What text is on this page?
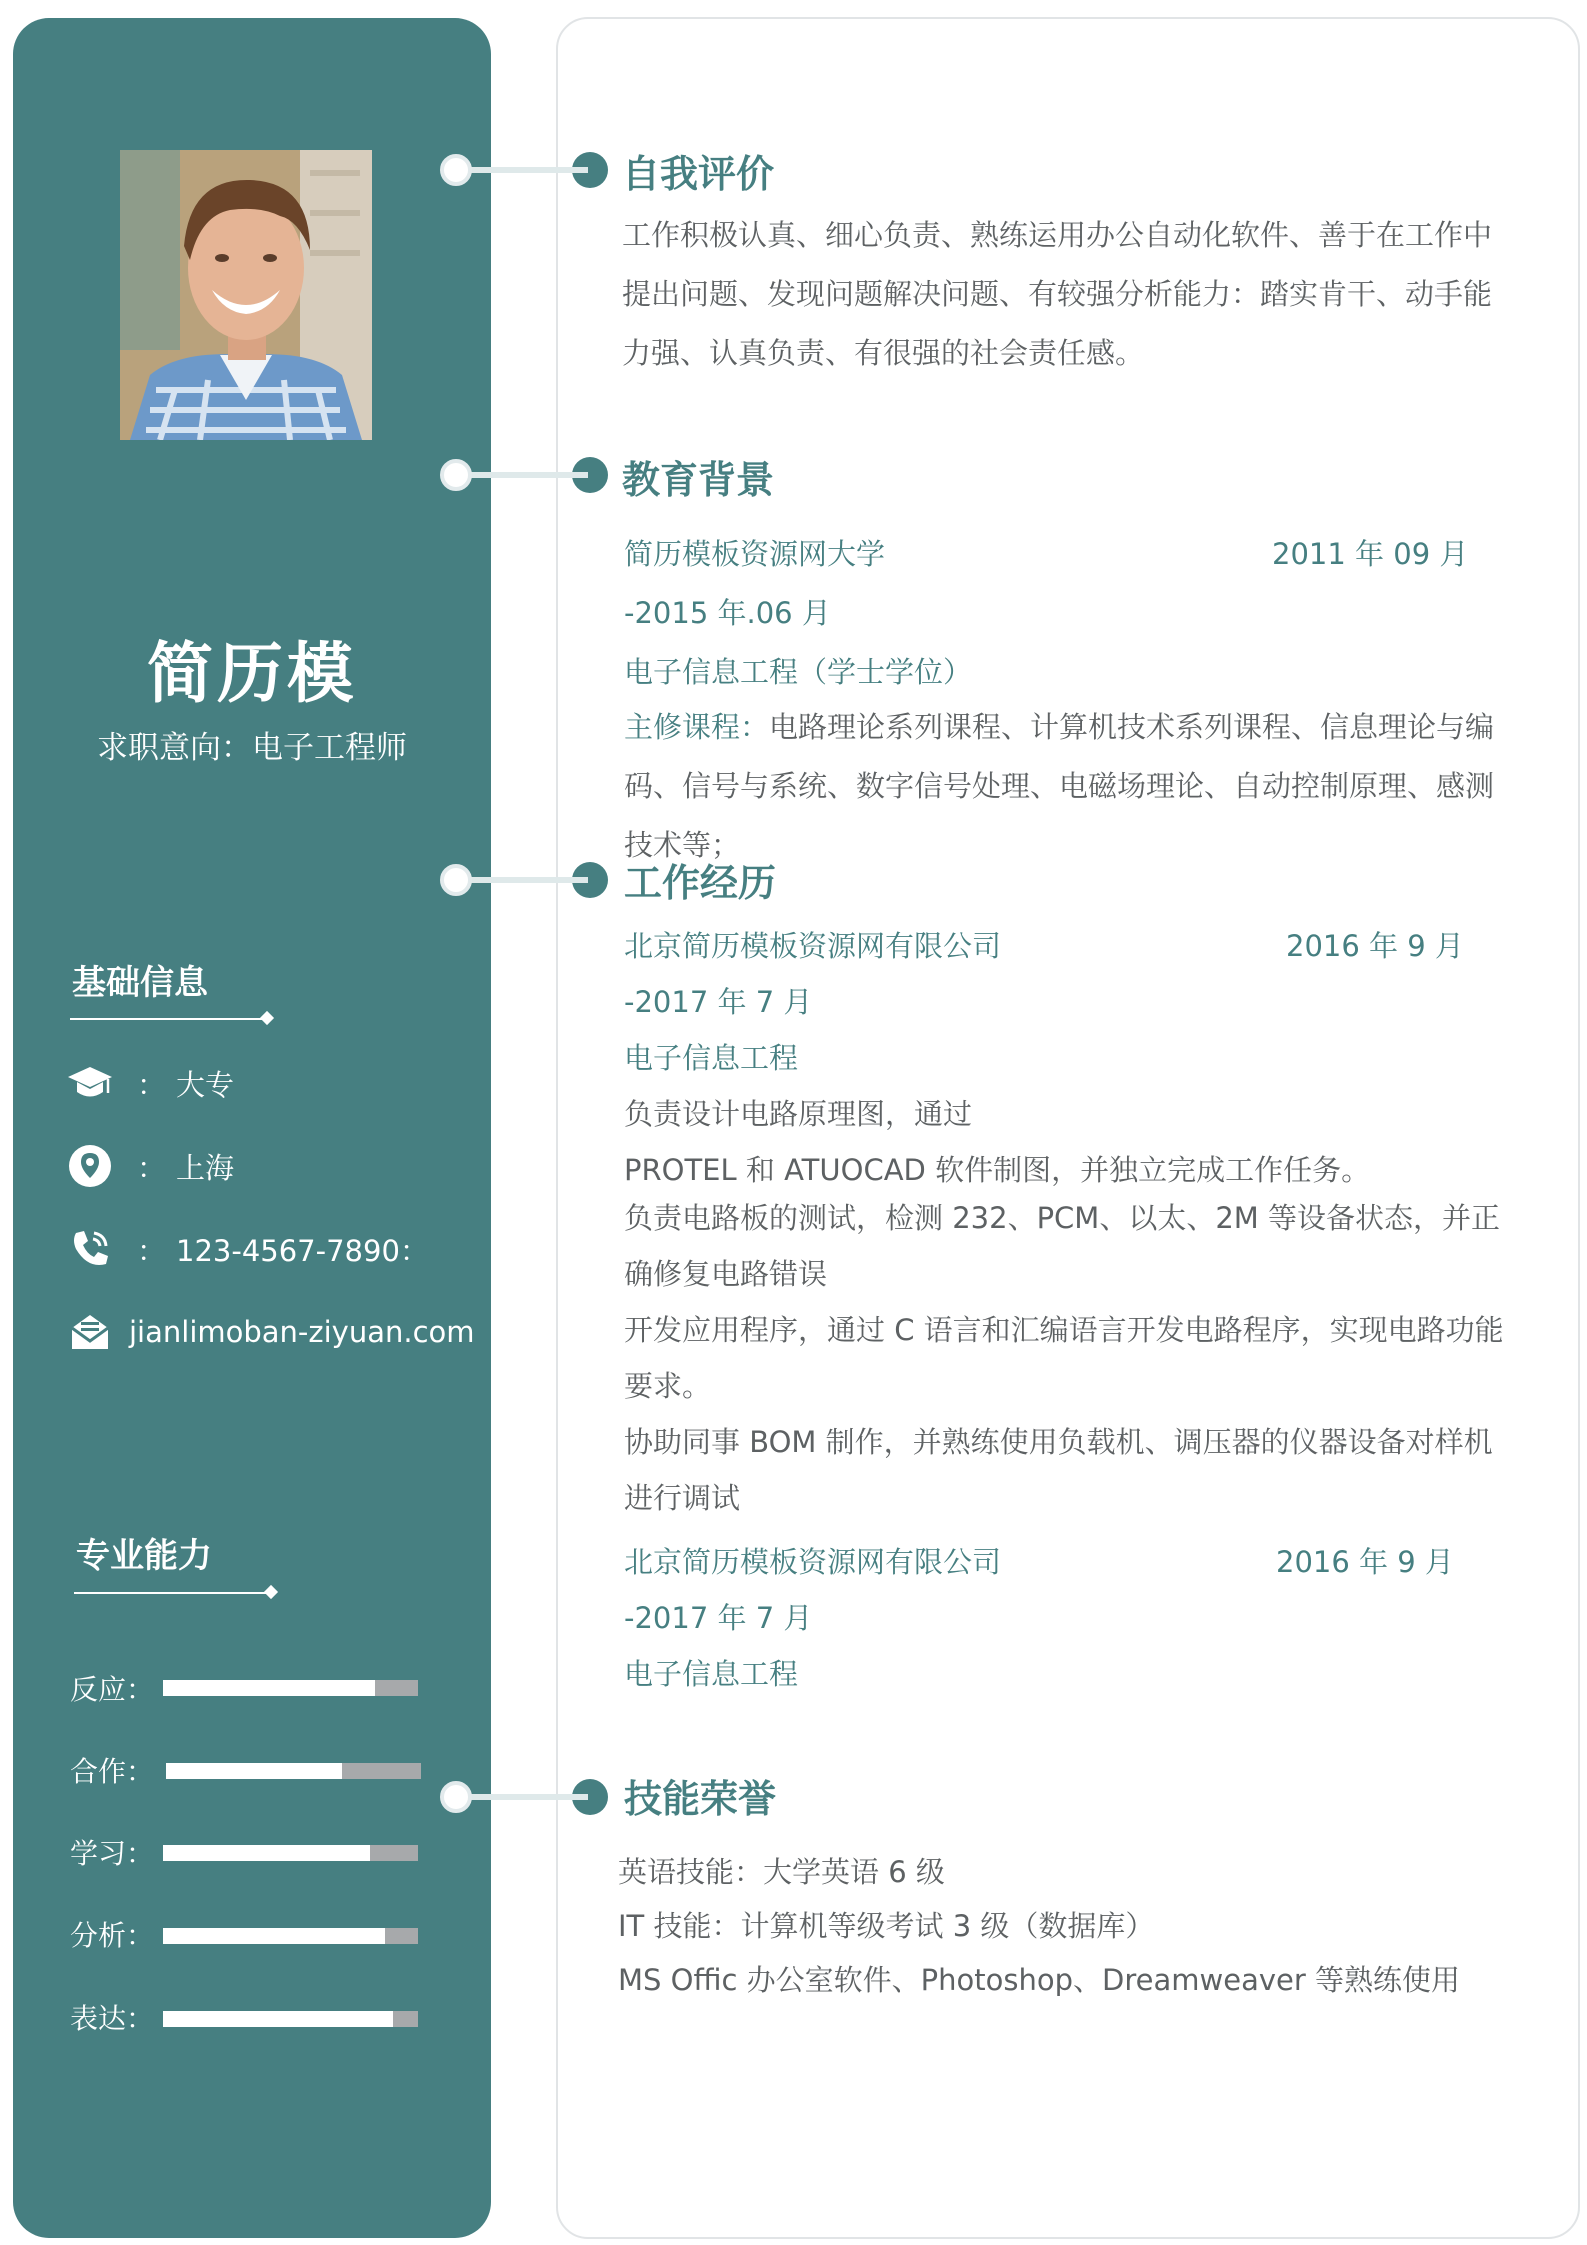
简历模
求职意向：电子工程师
基础信息
： 大专
： 上海
： 123-4567-7890：
jianlimoban-ziyuan.com
专业能力
反应：
合作：
学习：
分析：
表达：
自我评价
工作积极认真、细心负责、熟练运用办公自动化软件、善于在工作中提出问题、发现问题解决问题、有较强分析能力：踏实肯干、动手能力强、认真负责、有很强的社会责任感。
教育背景
简历模板资源网大学	2011 年 09 月
-2015 年.06 月
电子信息工程（学士学位）
主修课程：电路理论系列课程、计算机技术系列课程、信息理论与编码、信号与系统、数字信号处理、电磁场理论、自动控制原理、感测技术等；
工作经历
北京简历模板资源网有限公司	2016 年 9 月
-2017 年 7 月
电子信息工程
负责设计电路原理图，通过
PROTEL 和 ATUOCAD 软件制图，并独立完成工作任务。
负责电路板的测试，检测 232、PCM、以太、2M 等设备状态，并正确修复电路错误
开发应用程序，通过 C 语言和汇编语言开发电路程序，实现电路功能要求。
协助同事 BOM 制作，并熟练使用负载机、调压器的仪器设备对样机进行调试
北京简历模板资源网有限公司	2016 年 9 月
-2017 年 7 月
电子信息工程
技能荣誉
英语技能：大学英语 6 级
IT 技能：计算机等级考试 3 级（数据库）
MS Offic 办公室软件、Photoshop、Dreamweaver 等熟练使用
